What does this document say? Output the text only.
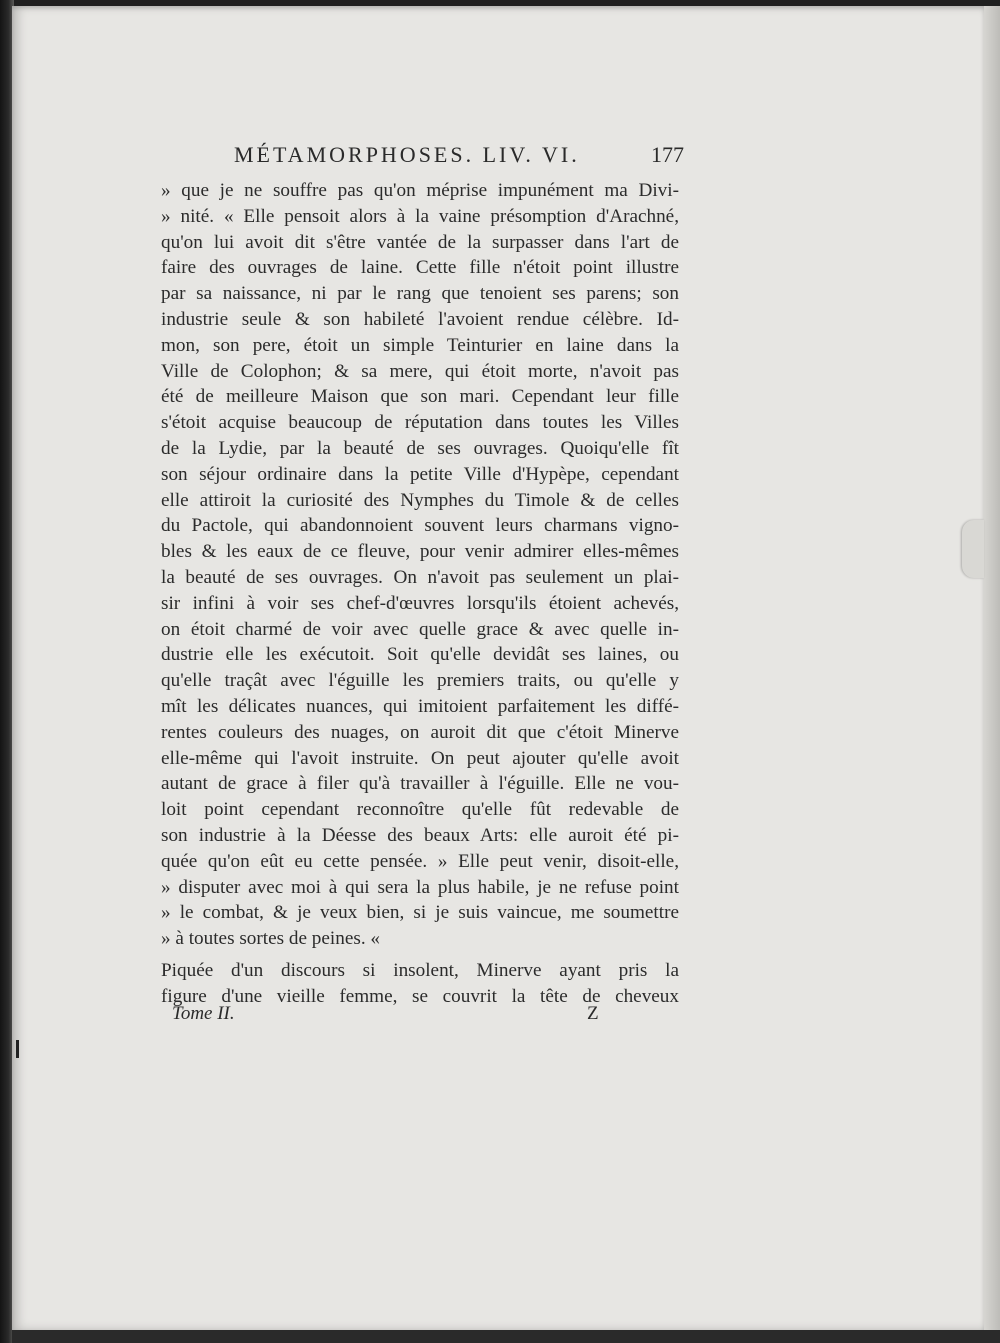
MÉTAMORPHOSES. LIV. VI.	177
» que je ne souffre pas qu'on méprise impunément ma Divi-
» nité. « Elle pensoit alors à la vaine présomption d'Arachné,
qu'on lui avoit dit s'être vantée de la surpasser dans l'art de
faire des ouvrages de laine. Cette fille n'étoit point illustre
par sa naissance, ni par le rang que tenoient ses parens; son
industrie seule & son habileté l'avoient rendue célèbre. Id-
mon, son pere, étoit un simple Teinturier en laine dans la
Ville de Colophon; & sa mere, qui étoit morte, n'avoit pas
été de meilleure Maison que son mari. Cependant leur fille
s'étoit acquise beaucoup de réputation dans toutes les Villes
de la Lydie, par la beauté de ses ouvrages. Quoiqu'elle fît
son séjour ordinaire dans la petite Ville d'Hypèpe, cependant
elle attiroit la curiosité des Nymphes du Timole & de celles
du Pactole, qui abandonnoient souvent leurs charmans vigno-
bles & les eaux de ce fleuve, pour venir admirer elles-mêmes
la beauté de ses ouvrages. On n'avoit pas seulement un plai-
sir infini à voir ses chef-d'œuvres lorsqu'ils étoient achevés,
on étoit charmé de voir avec quelle grace & avec quelle in-
dustrie elle les exécutoit. Soit qu'elle devidât ses laines, ou
qu'elle traçât avec l'éguille les premiers traits, ou qu'elle y
mît les délicates nuances, qui imitoient parfaitement les diffé-
rentes couleurs des nuages, on auroit dit que c'étoit Minerve
elle-même qui l'avoit instruite. On peut ajouter qu'elle avoit
autant de grace à filer qu'à travailler à l'éguille. Elle ne vou-
loit point cependant reconnoître qu'elle fût redevable de
son industrie à la Déesse des beaux Arts: elle auroit été pi-
quée qu'on eût eu cette pensée. » Elle peut venir, disoit-elle,
» disputer avec moi à qui sera la plus habile, je ne refuse point
» le combat, & je veux bien, si je suis vaincue, me soumettre
» à toutes sortes de peines. «
Piquée d'un discours si insolent, Minerve ayant pris la
figure d'une vieille femme, se couvrit la tête de cheveux
Tome II.	Z
